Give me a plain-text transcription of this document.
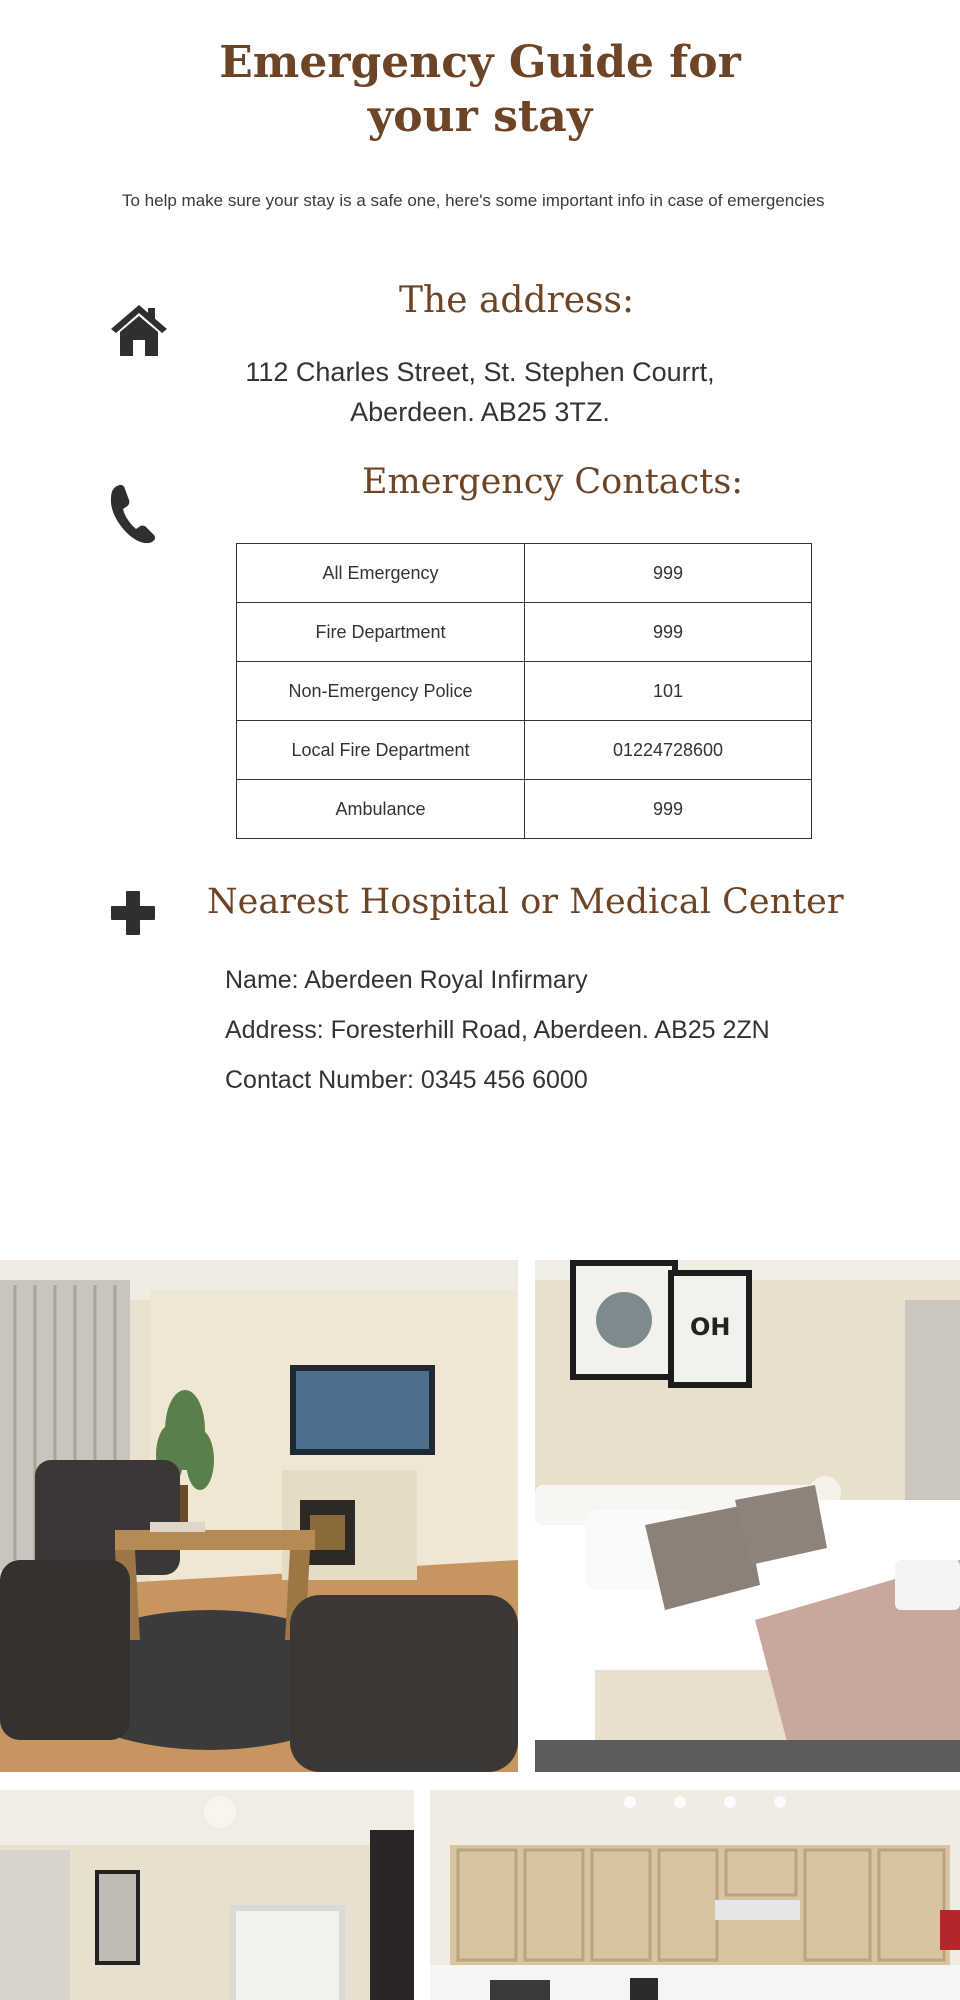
Emergency Guide for
your stay

To help make sure your stay is a safe one, here's some important info in case of emergencies

The address:
112 Charles Street, St. Stephen Courrt,
Aberdeen. AB25 3TZ.
Emergency Contacts:
All Emergency	999
Fire Department	999
Non-Emergency Police	101
Local Fire Department	01224728600
Ambulance	999
Nearest Hospital or Medical Center
Name: Aberdeen Royal Infirmary
Address: Foresterhill Road, Aberdeen. AB25 2ZN
Contact Number: 0345 456 6000
OH
